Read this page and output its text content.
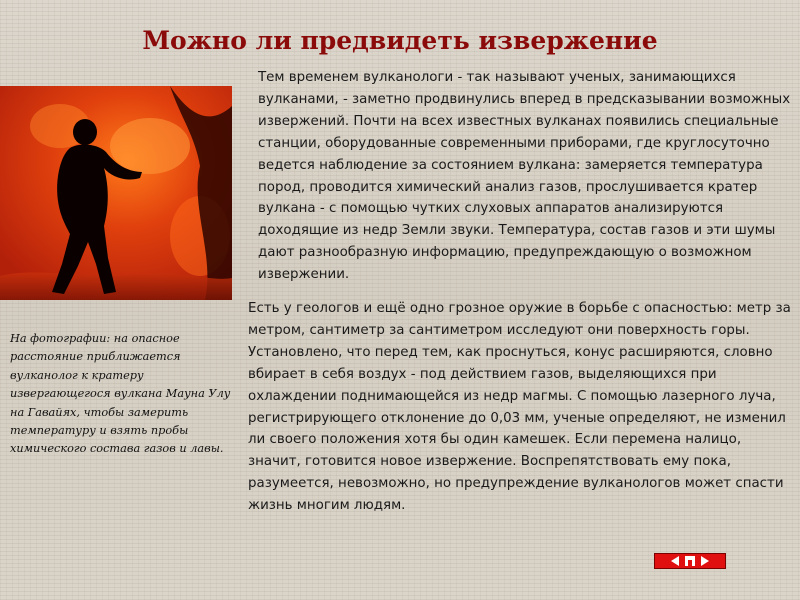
Можно ли предвидеть извержение

На фотографии: на опасное расстояние приближается вулканолог к кратеру извергающегося вулкана Мауна Улу на Гавайях, чтобы замерить температуру и взять пробы химического состава газов и лавы.

Тем временем вулканологи - так называют ученых, занимающихся вулканами, - заметно продвинулись вперед в предсказывании возможных извержений. Почти на всех известных вулканах появились специальные станции, оборудованные современными приборами, где круглосуточно ведется наблюдение за состоянием вулкана: замеряется температура пород, проводится химический анализ газов, прослушивается кратер вулкана - с помощью чутких слуховых аппаратов анализируются доходящие из недр Земли звуки. Температура, состав газов и эти шумы дают разнообразную информацию, предупреждающую о возможном извержении.

Есть у геологов и ещё одно грозное оружие в борьбе с опасностью: метр за метром, сантиметр за сантиметром исследуют они поверхность горы. Установлено, что перед тем, как проснуться, конус расширяются, словно вбирает в себя воздух - под действием газов, выделяющихся при охлаждении поднимающейся из недр магмы. С помощью лазерного луча, регистрирующего отклонение до 0,03 мм, ученые определяют, не изменил ли своего положения хотя бы один камешек. Если перемена налицо, значит, готовится новое извержение. Воспрепятствовать ему пока, разумеется, невозможно, но предупреждение вулканологов может спасти жизнь многим людям.
